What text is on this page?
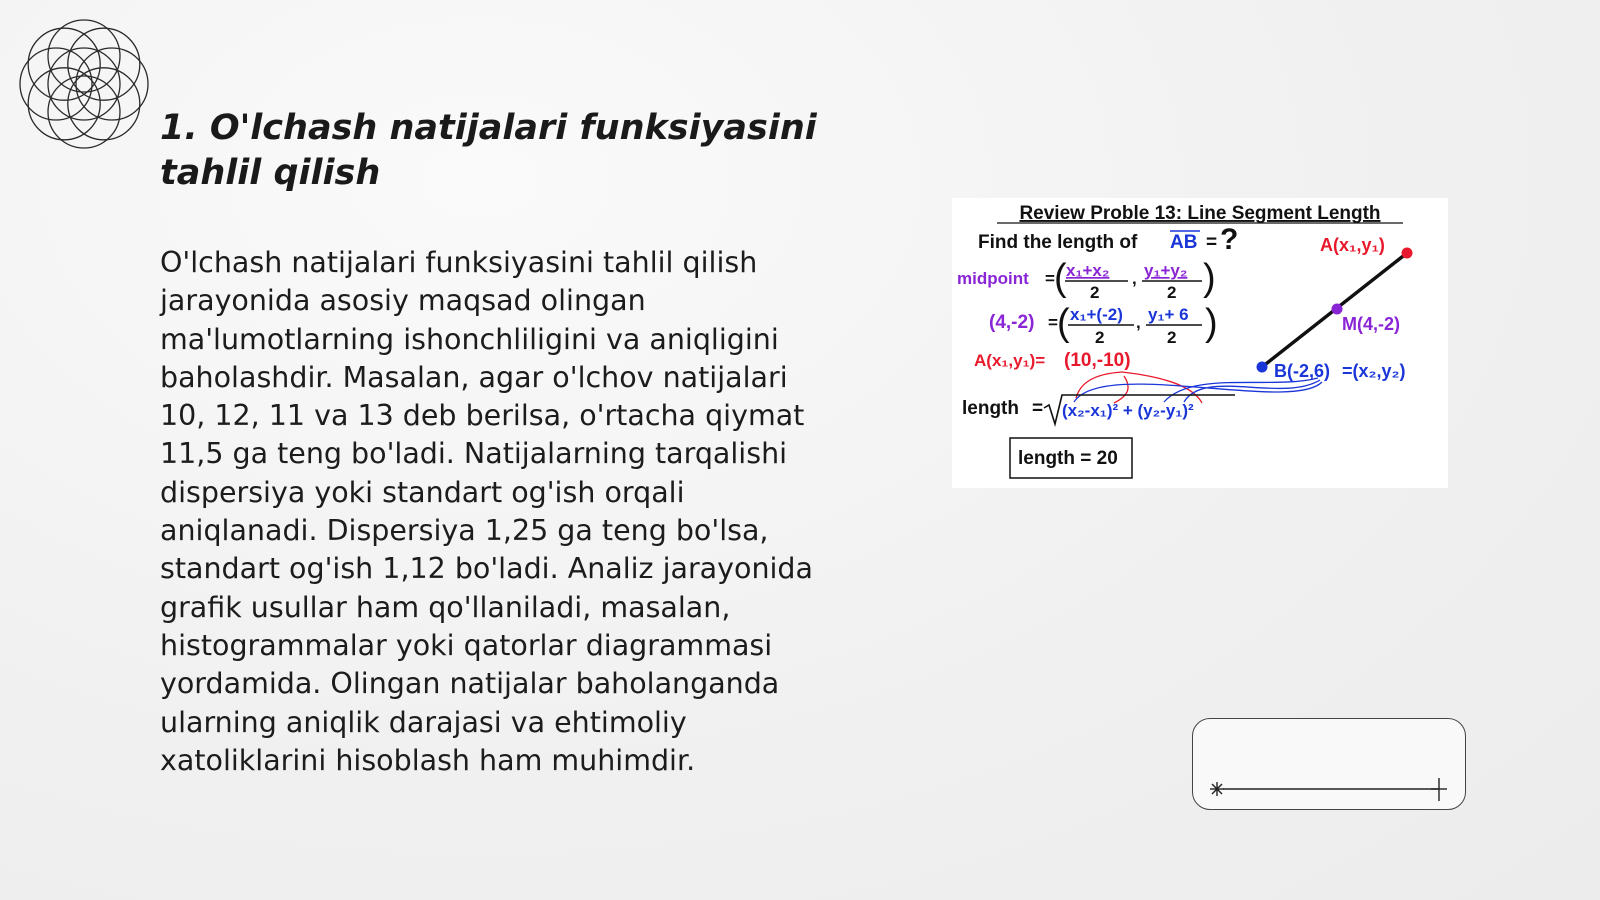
1. O'lchash natijalari funksiyasini
tahlil qilish
O'lchash natijalari funksiyasini tahlil qilish
jarayonida asosiy maqsad olingan
ma'lumotlarning ishonchliligini va aniqligini
baholashdir. Masalan, agar o'lchov natijalari
10, 12, 11 va 13 deb berilsa, o'rtacha qiymat
11,5 ga teng bo'ladi. Natijalarning tarqalishi
dispersiya yoki standart og'ish orqali
aniqlanadi. Dispersiya 1,25 ga teng bo'lsa,
standart og'ish 1,12 bo'ladi. Analiz jarayonida
grafik usullar ham qo'llaniladi, masalan,
histogrammalar yoki qatorlar diagrammasi
yordamida. Olingan natijalar baholanganda
ularning aniqlik darajasi va ehtimoliy
xatoliklarini hisoblash ham muhimdir.
Review Proble 13: Line Segment Length
Find the length of AB = ?
midpoint = ( x₁+x₂
2
, y₁+y₂
2 )
(4,-2) = ( x₁+(-2)
2
, y₁+ 6
2 )
A(x₁,y₁)= (10,-10)
length = (x₂-x₁)² + (y₂-y₁)²
length = 20
A(x₁,y₁)
M(4,-2)
B(-2,6) =(x₂,y₂)
